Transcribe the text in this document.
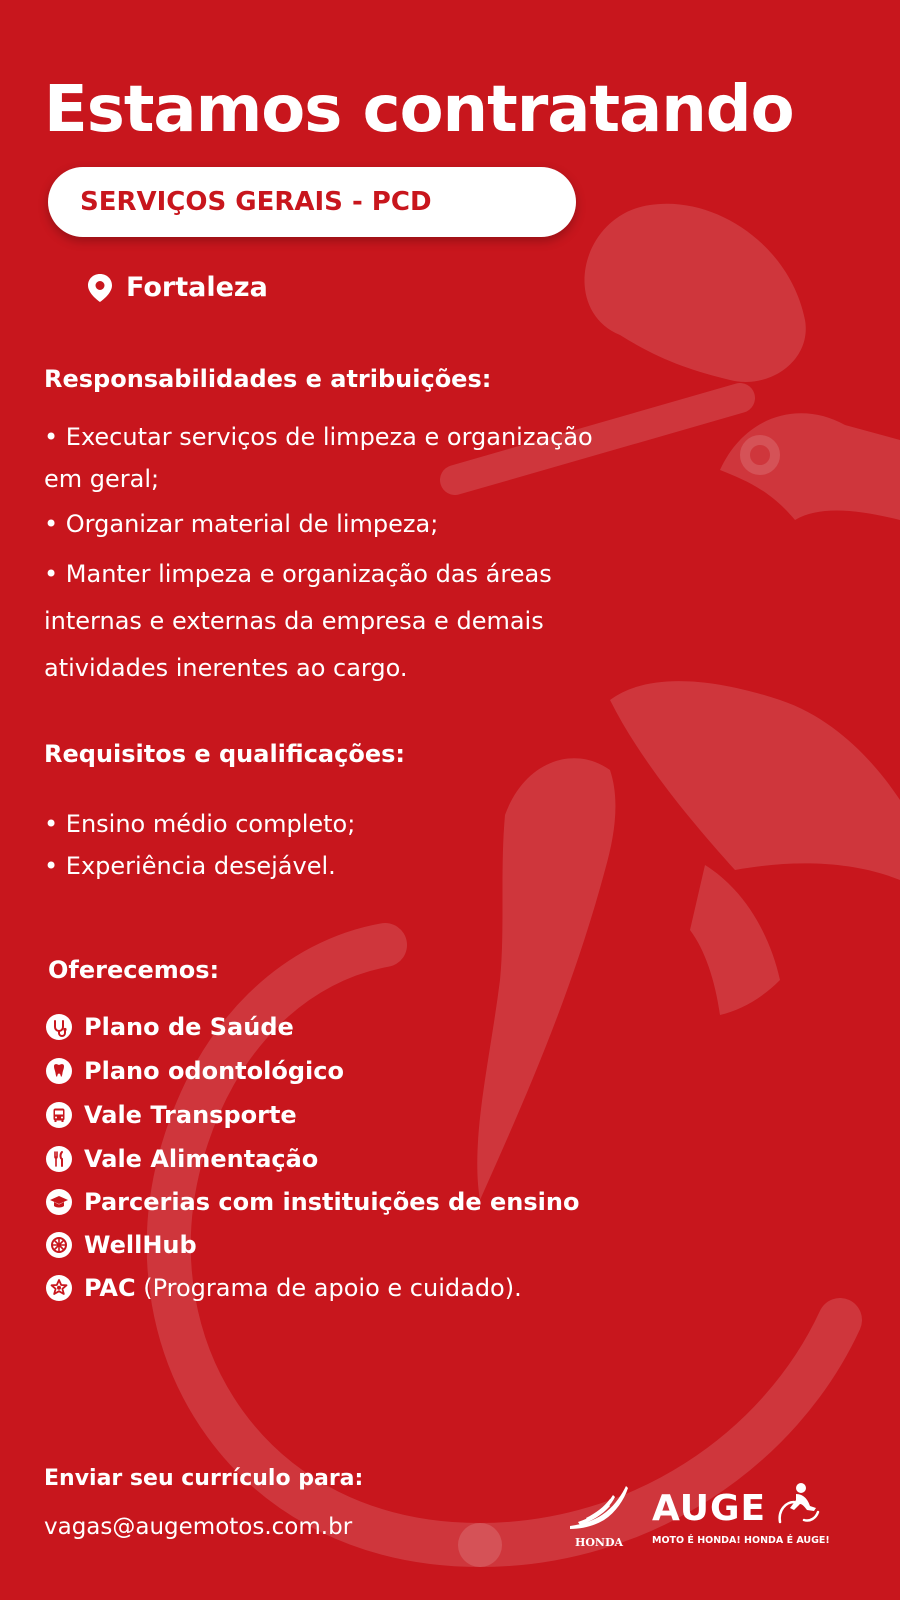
Estamos contratando
SERVIÇOS GERAIS - PCD
Fortaleza
Responsabilidades e atribuições:
• Executar serviços de limpeza e organização
em geral;
• Organizar material de limpeza;
• Manter limpeza e organização das áreas
internas e externas da empresa e demais
atividades inerentes ao cargo.
Requisitos e qualificações:
• Ensino médio completo;
• Experiência desejável.
Oferecemos:
Plano de Saúde
Plano odontológico
Vale Transporte
Vale Alimentação
Parcerias com instituições de ensino
WellHub
PAC (Programa de apoio e cuidado).
Enviar seu currículo para:
vagas@augemotos.com.br
HONDA
AUGE
MOTO É HONDA! HONDA É AUGE!
